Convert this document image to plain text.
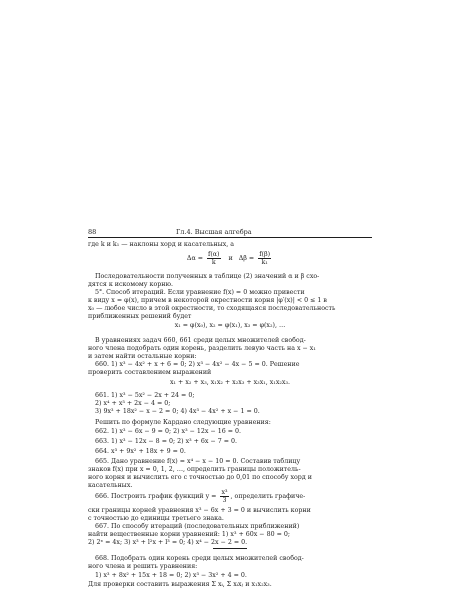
88	Гл.4. Высшая алгебра
где k и k₁ — наклоны хорд и касательных, а
$\Delta\alpha = \frac{f(\alpha)}{k}$ и $\Delta\beta = \frac{f(\beta)}{\text{k₁}}$
Последовательности полученных в таблице (2) значений α и β схо-
дятся к искомому корню.
5°. Способ итераций. Если уравнение f(x) = 0 можно привести
к виду x = φ(x), причем в некоторой окрестности корня |φ′(x)| < 0 ≤ 1 в
x₀ — любое число в этой окрестности, то сходящаяся последовательность
приближенных решений будет
x₁ = φ(x₀), x₂ = φ(x₁), x₃ = φ(x₂), …
В уравнениях задач 660, 661 среди целых множителей свобод-
ного члена подобрать один корень, разделить левую часть на x − x₁
и затем найти остальные корни:
660. 1) x³ − 4x² + x + 6 = 0; 2) x³ − 4x² − 4x − 5 = 0. Решение
проверить составлением выражений
x₁ + x₂ + x₃, x₁x₂ + x₂x₃ + x₃x₁, x₁x₂x₃.
661. 1) x³ − 5x² − 2x + 24 = 0;
2) x⁴ + x³ + 2x − 4 = 0;
3) 9x³ + 18x² − x − 2 = 0; 4) 4x³ − 4x² + x − 1 = 0.
Решить по формуле Кардано следующие уравнения:
662. 1) x³ − 6x − 9 = 0; 2) x³ − 12x − 16 = 0.
663. 1) x³ − 12x − 8 = 0; 2) x³ + 6x − 7 = 0.
664. x³ + 9x² + 18x + 9 = 0.
665. Дано уравнение f(x) = x⁴ − x − 10 = 0. Составив таблицу
знаков f(x) при x = 0, 1, 2, …, определить границы положитель-
ного корня и вычислить его с точностью до 0,01 по способу хорд и
касательных.
666. Построить график функций $y = \frac{\text{x³}}{3}$ , определить графиче-
ски границы корней уравнения x³ − 6x + 3 = 0 и вычислить корни
с точностью до единицы третьего знака.
667. По способу итераций (последовательных приближений)
найти вещественные корни уравнений: 1) x³ + 60x − 80 = 0;
2) 2ˣ = 4x; 3) x³ + l²x + l³ = 0; 4) x⁴ − 2x − 2 = 0.
668. Подобрать один корень среди целых множителей свобод-
ного члена и решить уравнения:
1) x³ + 8x² + 15x + 18 = 0; 2) x³ − 3x² + 4 = 0.
Для проверки составить выражения Σ xᵢ, Σ xᵢxⱼ и x₁x₂x₃.
